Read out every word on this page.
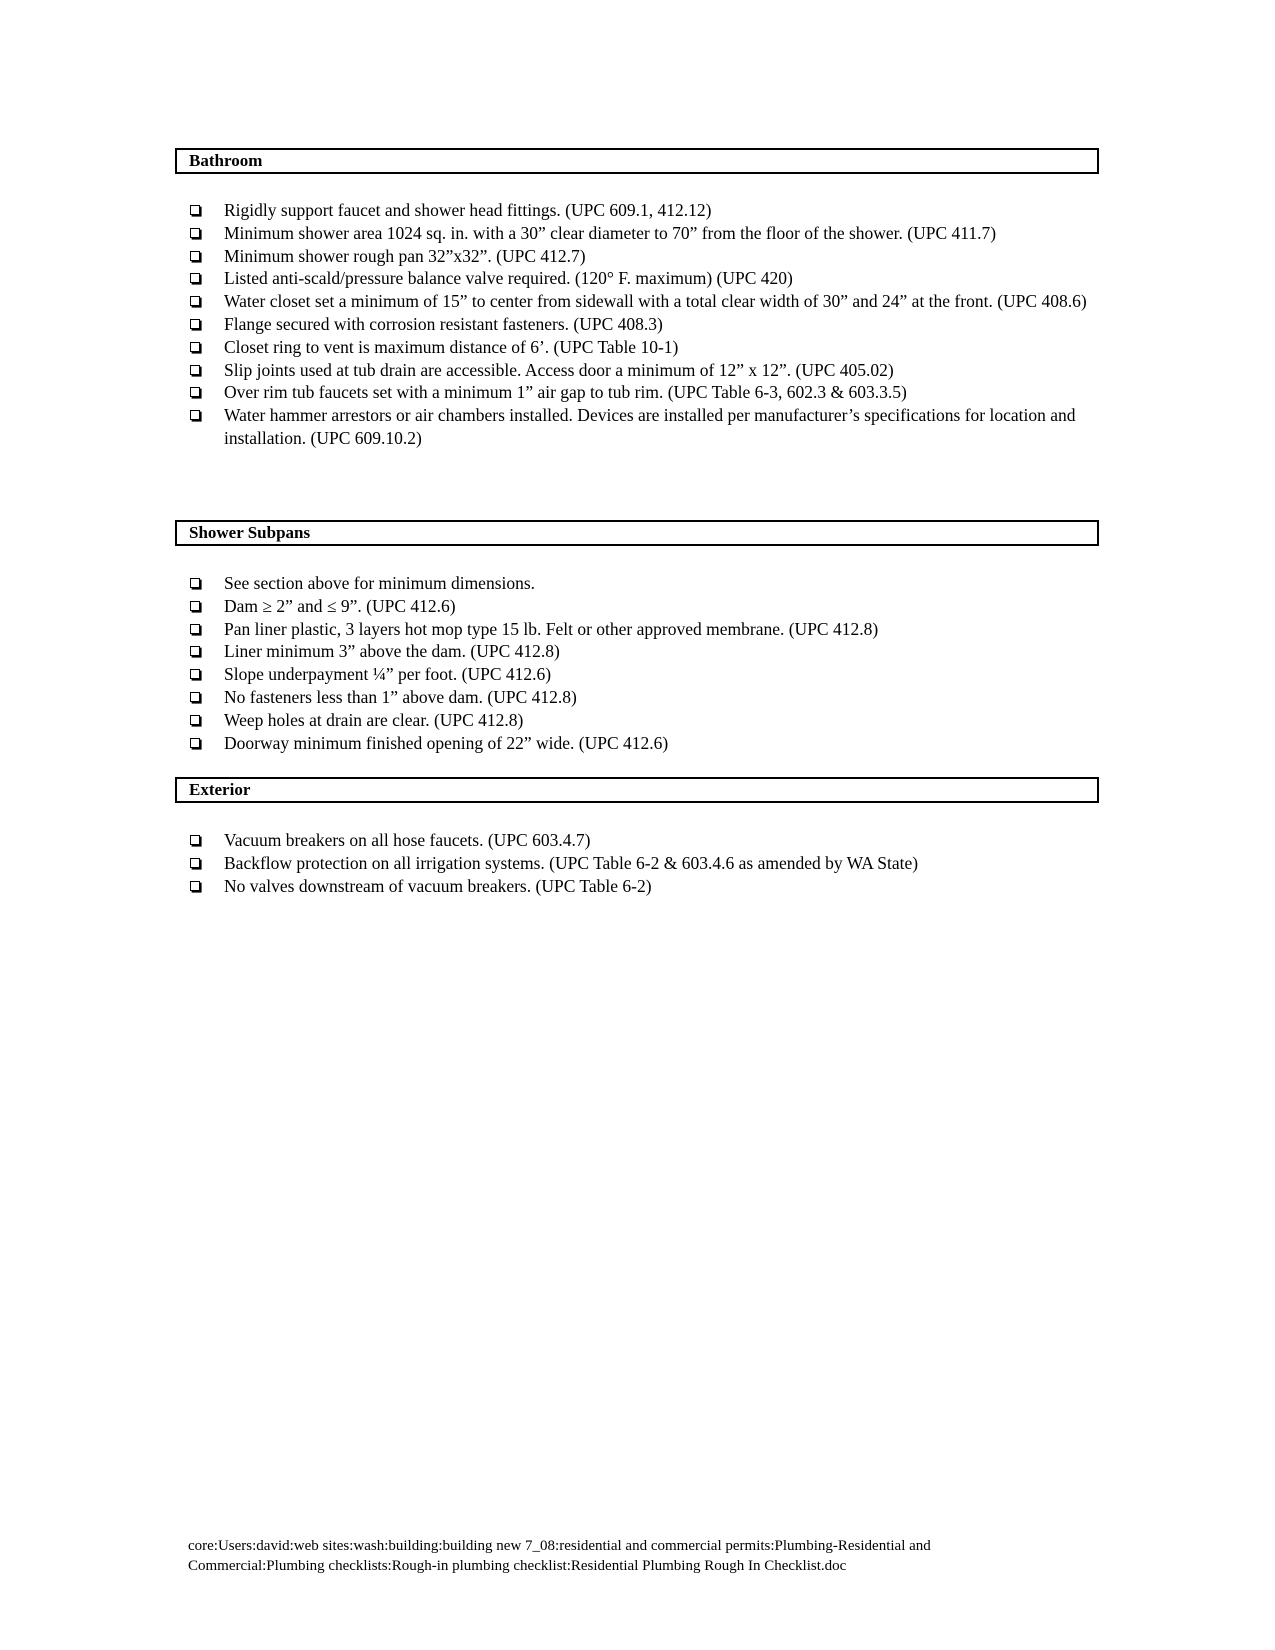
Bathroom
Rigidly support faucet and shower head fittings. (UPC 609.1, 412.12)
Minimum shower area 1024 sq. in. with a 30” clear diameter to 70” from the floor of the shower. (UPC 411.7)
Minimum shower rough pan 32”x32”. (UPC 412.7)
Listed anti-scald/pressure balance valve required. (120° F. maximum) (UPC 420)
Water closet set a minimum of 15” to center from sidewall with a total clear width of 30” and 24” at the front. (UPC 408.6)
Flange secured with corrosion resistant fasteners. (UPC 408.3)
Closet ring to vent is maximum distance of 6’. (UPC Table 10-1)
Slip joints used at tub drain are accessible. Access door a minimum of 12” x 12”. (UPC 405.02)
Over rim tub faucets set with a minimum 1” air gap to tub rim. (UPC Table 6-3, 602.3 & 603.3.5)
Water hammer arrestors or air chambers installed. Devices are installed per manufacturer’s specifications for location and installation. (UPC 609.10.2)
Shower Subpans
See section above for minimum dimensions.
Dam ≥ 2” and ≤ 9”. (UPC 412.6)
Pan liner plastic, 3 layers hot mop type 15 lb. Felt or other approved membrane. (UPC 412.8)
Liner minimum 3” above the dam. (UPC 412.8)
Slope underpayment ¼” per foot. (UPC 412.6)
No fasteners less than 1” above dam. (UPC 412.8)
Weep holes at drain are clear. (UPC 412.8)
Doorway minimum finished opening of 22” wide. (UPC 412.6)
Exterior
Vacuum breakers on all hose faucets. (UPC 603.4.7)
Backflow protection on all irrigation systems. (UPC Table 6-2 & 603.4.6 as amended by WA State)
No valves downstream of vacuum breakers. (UPC Table 6-2)
core:Users:david:web sites:wash:building:building new 7_08:residential and commercial permits:Plumbing-Residential and
Commercial:Plumbing checklists:Rough-in plumbing checklist:Residential Plumbing Rough In Checklist.doc
